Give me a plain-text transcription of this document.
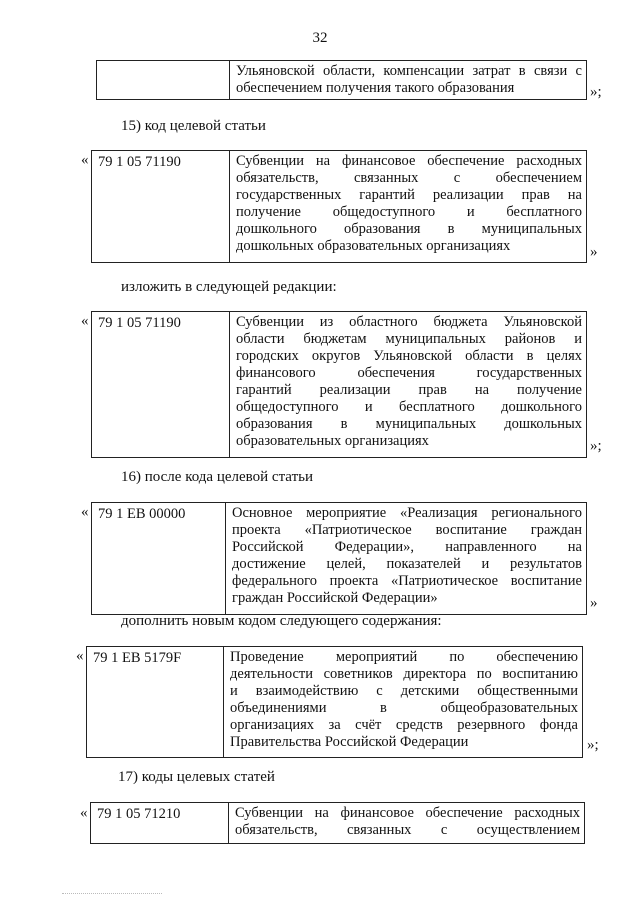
32
Ульяновской области, компенсации затрат в связи с
обеспечением получения такого образования	»;
15) код целевой статьи
« 79 1 05 71190	Субвенции на финансовое обеспечение расходных
обязательств, связанных с обеспечением
государственных гарантий реализации прав на
получение общедоступного и бесплатного
дошкольного образования в муниципальных
дошкольных образовательных организациях	»
изложить в следующей редакции:
« 79 1 05 71190	Субвенции из областного бюджета Ульяновской
области бюджетам муниципальных районов и
городских округов Ульяновской области в целях
финансового обеспечения государственных
гарантий реализации прав на получение
общедоступного и бесплатного дошкольного
образования в муниципальных дошкольных
образовательных организациях	»;
16) после кода целевой статьи
« 79 1 ЕВ 00000	Основное мероприятие «Реализация регионального
проекта «Патриотическое воспитание граждан
Российской Федерации», направленного на
достижение целей, показателей и результатов
федерального проекта «Патриотическое воспитание
граждан Российской Федерации»	»
дополнить новым кодом следующего содержания:
« 79 1 ЕВ 5179F	Проведение мероприятий по обеспечению
деятельности советников директора по воспитанию
и взаимодействию с детскими общественными
объединениями в общеобразовательных
организациях за счёт средств резервного фонда
Правительства Российской Федерации	»;
17) коды целевых статей
« 79 1 05 71210	Субвенции на финансовое обеспечение расходных
обязательств, связанных с осуществлением
